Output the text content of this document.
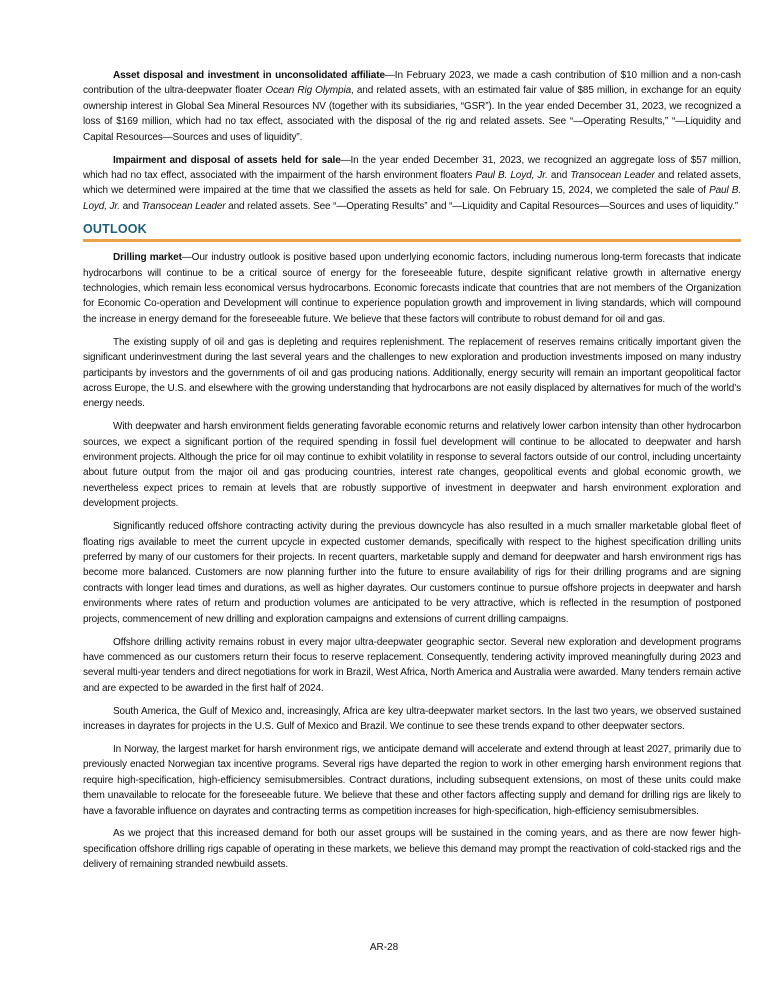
Asset disposal and investment in unconsolidated affiliate—In February 2023, we made a cash contribution of $10 million and a non-cash contribution of the ultra-deepwater floater Ocean Rig Olympia, and related assets, with an estimated fair value of $85 million, in exchange for an equity ownership interest in Global Sea Mineral Resources NV (together with its subsidiaries, “GSR”). In the year ended December 31, 2023, we recognized a loss of $169 million, which had no tax effect, associated with the disposal of the rig and related assets. See “—Operating Results,” “—Liquidity and Capital Resources—Sources and uses of liquidity”.

Impairment and disposal of assets held for sale—In the year ended December 31, 2023, we recognized an aggregate loss of $57 million, which had no tax effect, associated with the impairment of the harsh environment floaters Paul B. Loyd, Jr. and Transocean Leader and related assets, which we determined were impaired at the time that we classified the assets as held for sale. On February 15, 2024, we completed the sale of Paul B. Loyd, Jr. and Transocean Leader and related assets. See “—Operating Results” and “—Liquidity and Capital Resources—Sources and uses of liquidity.”

OUTLOOK

Drilling market—Our industry outlook is positive based upon underlying economic factors, including numerous long-term forecasts that indicate hydrocarbons will continue to be a critical source of energy for the foreseeable future, despite significant relative growth in alternative energy technologies, which remain less economical versus hydrocarbons. Economic forecasts indicate that countries that are not members of the Organization for Economic Co-operation and Development will continue to experience population growth and improvement in living standards, which will compound the increase in energy demand for the foreseeable future. We believe that these factors will contribute to robust demand for oil and gas.

The existing supply of oil and gas is depleting and requires replenishment. The replacement of reserves remains critically important given the significant underinvestment during the last several years and the challenges to new exploration and production investments imposed on many industry participants by investors and the governments of oil and gas producing nations. Additionally, energy security will remain an important geopolitical factor across Europe, the U.S. and elsewhere with the growing understanding that hydrocarbons are not easily displaced by alternatives for much of the world’s energy needs.

With deepwater and harsh environment fields generating favorable economic returns and relatively lower carbon intensity than other hydrocarbon sources, we expect a significant portion of the required spending in fossil fuel development will continue to be allocated to deepwater and harsh environment projects. Although the price for oil may continue to exhibit volatility in response to several factors outside of our control, including uncertainty about future output from the major oil and gas producing countries, interest rate changes, geopolitical events and global economic growth, we nevertheless expect prices to remain at levels that are robustly supportive of investment in deepwater and harsh environment exploration and development projects.

Significantly reduced offshore contracting activity during the previous downcycle has also resulted in a much smaller marketable global fleet of floating rigs available to meet the current upcycle in expected customer demands, specifically with respect to the highest specification drilling units preferred by many of our customers for their projects. In recent quarters, marketable supply and demand for deepwater and harsh environment rigs has become more balanced. Customers are now planning further into the future to ensure availability of rigs for their drilling programs and are signing contracts with longer lead times and durations, as well as higher dayrates. Our customers continue to pursue offshore projects in deepwater and harsh environments where rates of return and production volumes are anticipated to be very attractive, which is reflected in the resumption of postponed projects, commencement of new drilling and exploration campaigns and extensions of current drilling campaigns.

Offshore drilling activity remains robust in every major ultra-deepwater geographic sector. Several new exploration and development programs have commenced as our customers return their focus to reserve replacement. Consequently, tendering activity improved meaningfully during 2023 and several multi-year tenders and direct negotiations for work in Brazil, West Africa, North America and Australia were awarded. Many tenders remain active and are expected to be awarded in the first half of 2024.

South America, the Gulf of Mexico and, increasingly, Africa are key ultra-deepwater market sectors. In the last two years, we observed sustained increases in dayrates for projects in the U.S. Gulf of Mexico and Brazil. We continue to see these trends expand to other deepwater sectors.

In Norway, the largest market for harsh environment rigs, we anticipate demand will accelerate and extend through at least 2027, primarily due to previously enacted Norwegian tax incentive programs. Several rigs have departed the region to work in other emerging harsh environment regions that require high-specification, high-efficiency semisubmersibles. Contract durations, including subsequent extensions, on most of these units could make them unavailable to relocate for the foreseeable future. We believe that these and other factors affecting supply and demand for drilling rigs are likely to have a favorable influence on dayrates and contracting terms as competition increases for high-specification, high-efficiency semisubmersibles.

As we project that this increased demand for both our asset groups will be sustained in the coming years, and as there are now fewer high-specification offshore drilling rigs capable of operating in these markets, we believe this demand may prompt the reactivation of cold-stacked rigs and the delivery of remaining stranded newbuild assets.

AR-28
